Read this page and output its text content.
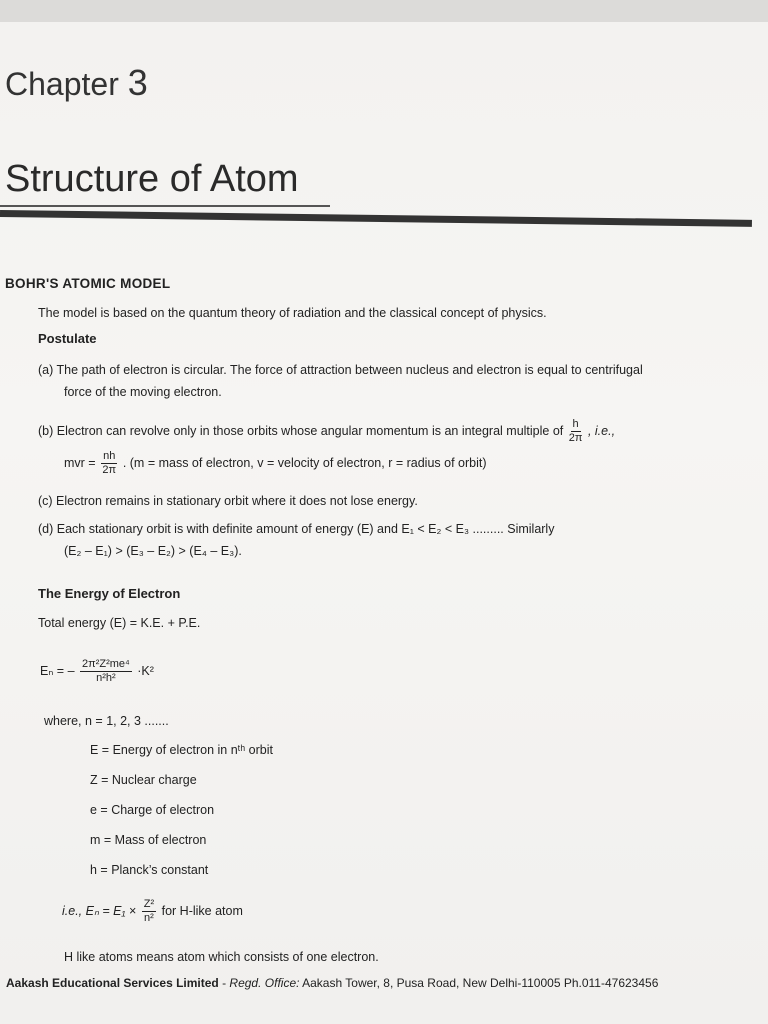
Chapter 3
Structure of Atom
BOHR'S ATOMIC MODEL
The model is based on the quantum theory of radiation and the classical concept of physics.
Postulate
(a) The path of electron is circular. The force of attraction between nucleus and electron is equal to centrifugal
force of the moving electron.
(b) Electron can revolve only in those orbits whose angular momentum is an integral multiple of $\frac{h}{2\pi}$ , i.e.,
mvr = $\frac{nh}{2\pi}$ . (m = mass of electron, v = velocity of electron, r = radius of orbit)
(c) Electron remains in stationary orbit where it does not lose energy.
(d) Each stationary orbit is with definite amount of energy (E) and E₁ < E₂ < E₃ ......... Similarly
(E₂ – E₁) > (E₃ – E₂) > (E₄ – E₃).
The Energy of Electron
Total energy (E) = K.E. + P.E.
Eₙ = – $\frac{\text{2π²Z²me⁴}}{\text{n²h²}} \cdot K^2$
where, n = 1, 2, 3 .......
E = Energy of electron in nᵗʰ orbit
Z = Nuclear charge
e = Charge of electron
m = Mass of electron
h = Planck’s constant
i.e., $E_n = E_1 \times \frac{\text{Z²}}{\text{n²}}$ for H-like atom
H like atoms means atom which consists of one electron.
Aakash Educational Services Limited - Regd. Office: Aakash Tower, 8, Pusa Road, New Delhi-110005 Ph.011-47623456
